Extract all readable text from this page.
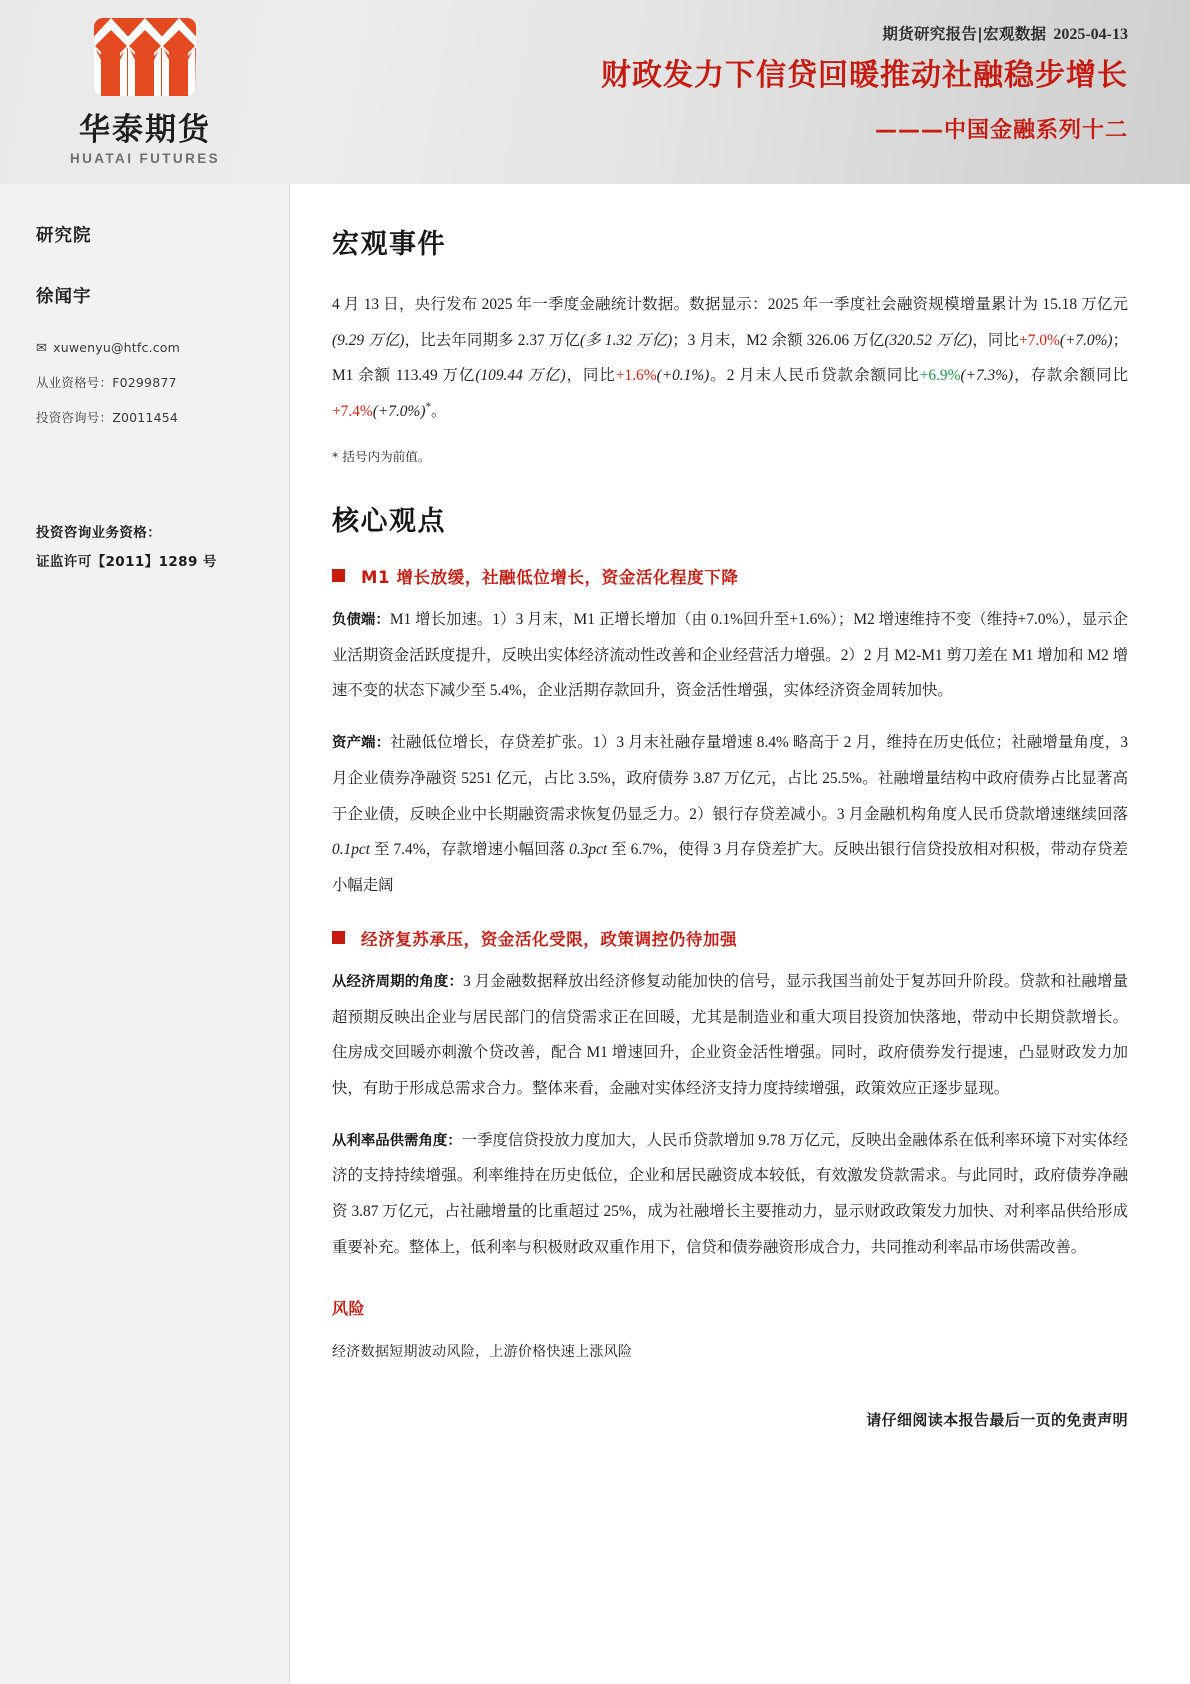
华泰期货
HUATAI FUTURES
期货研究报告|宏观数据 2025-04-13
财政发力下信贷回暖推动社融稳步增长
———中国金融系列十二
研究院
徐闻宇
✉ xuwenyu@htfc.com
从业资格号：F0299877
投资咨询号：Z0011454
投资咨询业务资格：
证监许可【2011】1289 号
宏观事件

4 月 13 日，央行发布 2025 年一季度金融统计数据。数据显示：2025 年一季度社会融资规模增量累计为 15.18 万亿元(9.29 万亿)，比去年同期多 2.37 万亿(多 1.32 万亿)；3 月末，M2 余额 326.06 万亿(320.52 万亿)，同比+7.0%(+7.0%)；M1 余额 113.49 万亿(109.44 万亿)，同比+1.6%(+0.1%)。2 月末人民币贷款余额同比+6.9%(+7.3%)，存款余额同比+7.4%(+7.0%)*。

* 括号内为前值。

核心观点
M1 增长放缓，社融低位增长，资金活化程度下降

负债端：M1 增长加速。1）3 月末，M1 正增长增加（由 0.1%回升至+1.6%）；M2 增速维持不变（维持+7.0%），显示企业活期资金活跃度提升，反映出实体经济流动性改善和企业经营活力增强。2）2 月 M2-M1 剪刀差在 M1 增加和 M2 增速不变的状态下减少至 5.4%，企业活期存款回升，资金活性增强，实体经济资金周转加快。

资产端：社融低位增长，存贷差扩张。1）3 月末社融存量增速 8.4% 略高于 2 月，维持在历史低位；社融增量角度，3 月企业债券净融资 5251 亿元，占比 3.5%，政府债券 3.87 万亿元，占比 25.5%。社融增量结构中政府债券占比显著高于企业债，反映企业中长期融资需求恢复仍显乏力。2）银行存贷差减小。3 月金融机构角度人民币贷款增速继续回落 0.1pct 至 7.4%，存款增速小幅回落 0.3pct 至 6.7%，使得 3 月存贷差扩大。反映出银行信贷投放相对积极，带动存贷差小幅走阔

经济复苏承压，资金活化受限，政策调控仍待加强

从经济周期的角度：3 月金融数据释放出经济修复动能加快的信号，显示我国当前处于复苏回升阶段。贷款和社融增量超预期反映出企业与居民部门的信贷需求正在回暖，尤其是制造业和重大项目投资加快落地，带动中长期贷款增长。住房成交回暖亦刺激个贷改善，配合 M1 增速回升，企业资金活性增强。同时，政府债券发行提速，凸显财政发力加快，有助于形成总需求合力。整体来看，金融对实体经济支持力度持续增强，政策效应正逐步显现。

从利率品供需角度：一季度信贷投放力度加大，人民币贷款增加 9.78 万亿元，反映出金融体系在低利率环境下对实体经济的支持持续增强。利率维持在历史低位，企业和居民融资成本较低，有效激发贷款需求。与此同时，政府债券净融资 3.87 万亿元，占社融增量的比重超过 25%，成为社融增长主要推动力，显示财政政策发力加快、对利率品供给形成重要补充。整体上，低利率与积极财政双重作用下，信贷和债券融资形成合力，共同推动利率品市场供需改善。

风险

经济数据短期波动风险，上游价格快速上涨风险

请仔细阅读本报告最后一页的免责声明
